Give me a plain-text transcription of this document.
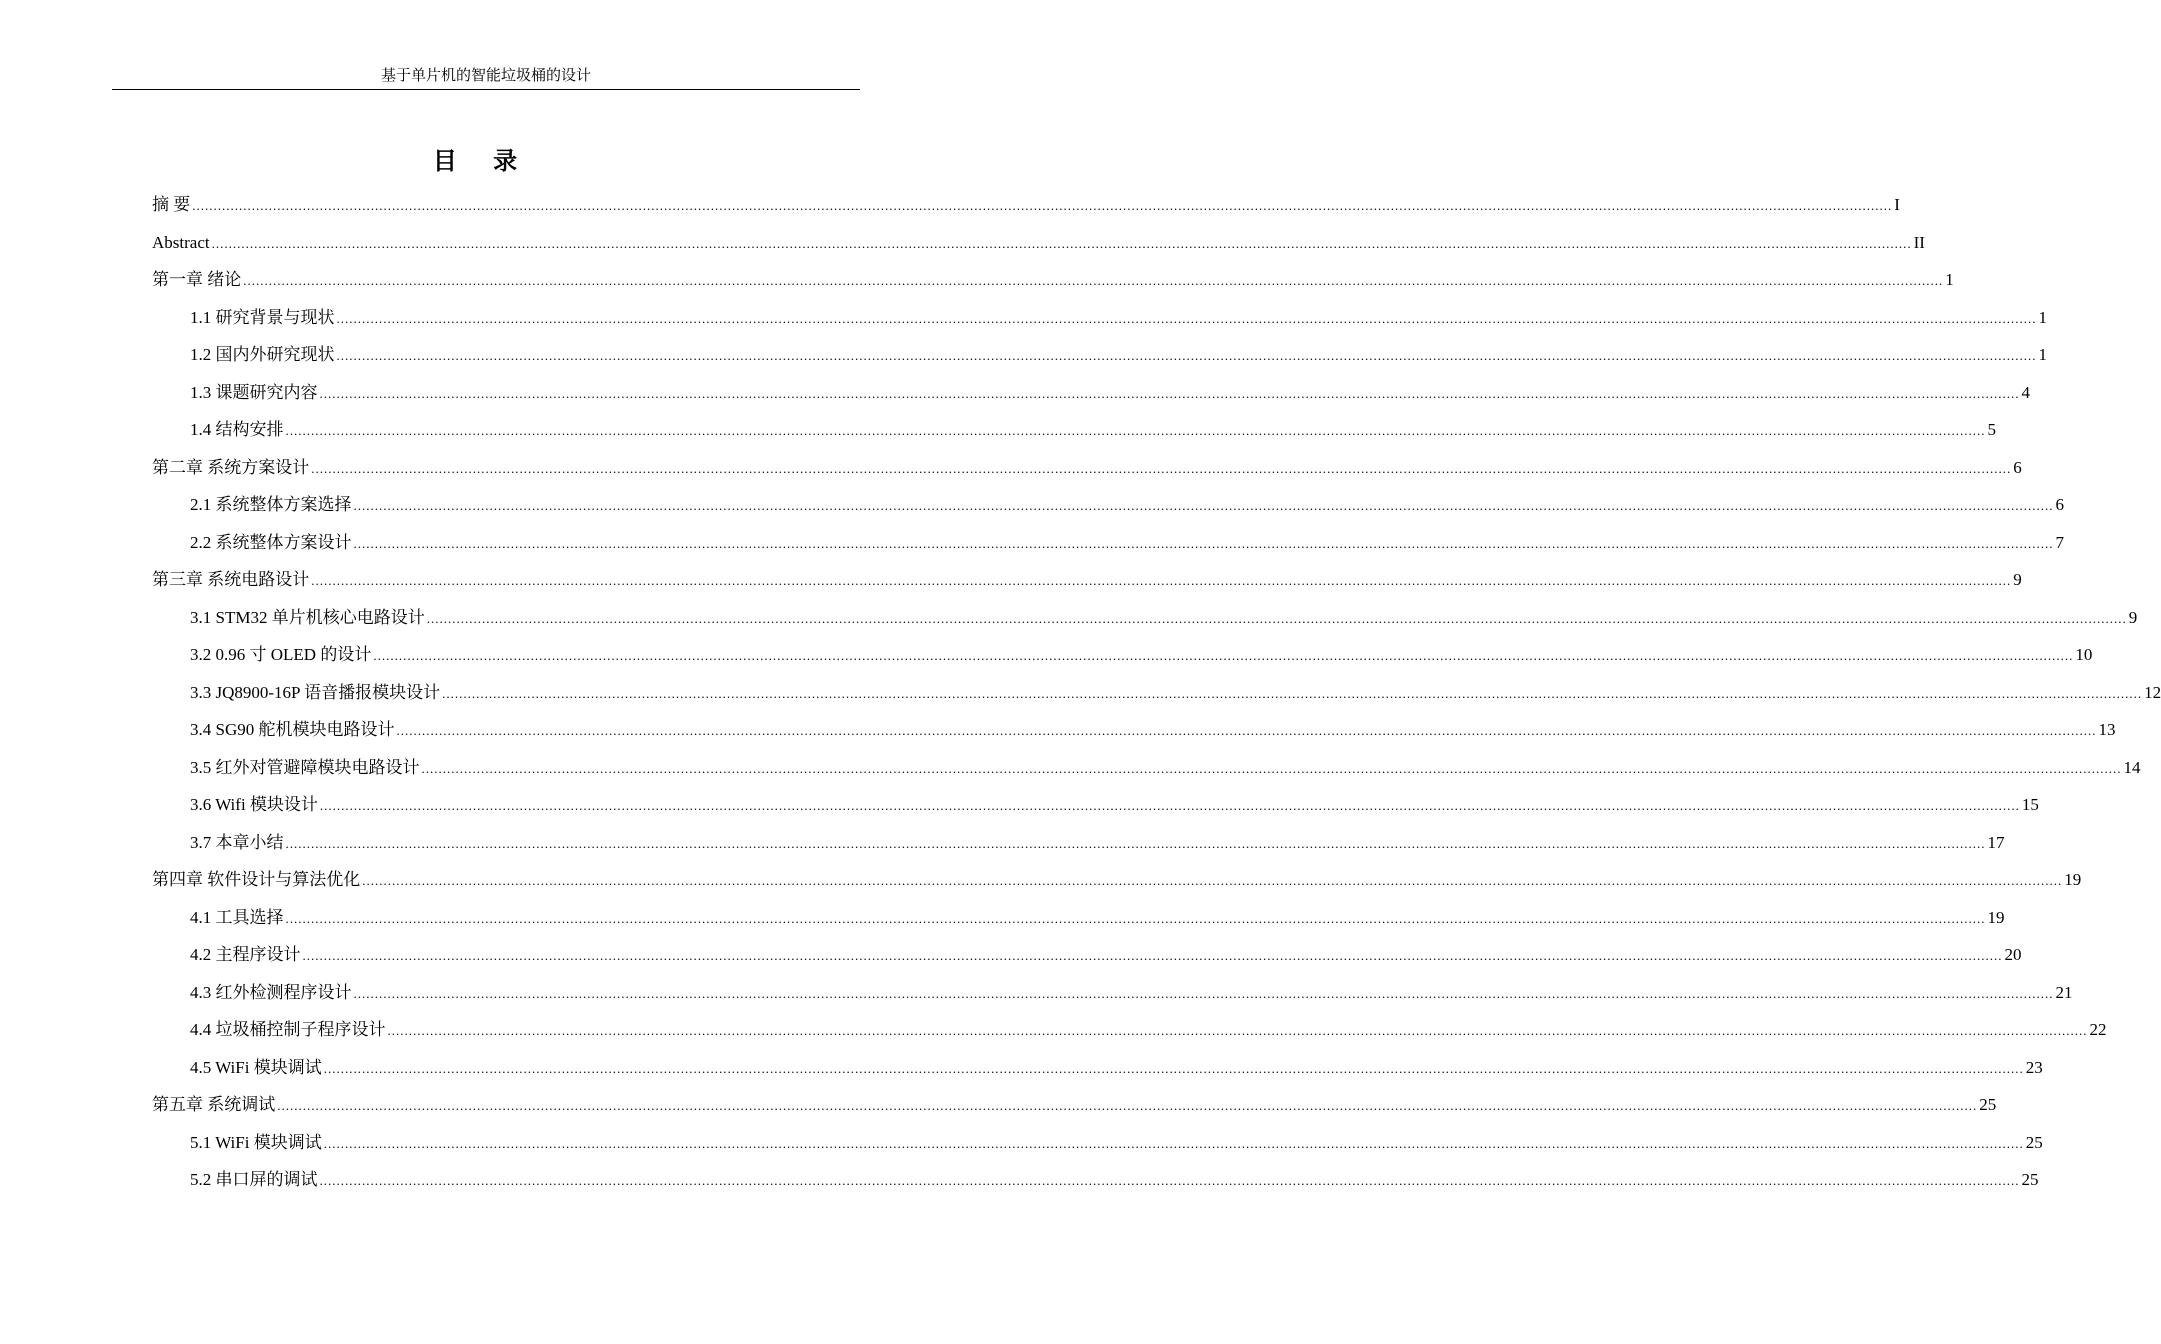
基于单片机的智能垃圾桶的设计
目 录
摘 要 ................................................................................................................................................................................................................................................................................................................................................................................................................ I
Abstract ................................................................................................................................................................................................................................................................................................................................................................................................................ II
第一章 绪论 ................................................................................................................................................................................................................................................................................................................................................................................................................ 1
1.1 研究背景与现状 ................................................................................................................................................................................................................................................................................................................................................................................................................ 1
1.2 国内外研究现状 ................................................................................................................................................................................................................................................................................................................................................................................................................ 1
1.3 课题研究内容 ................................................................................................................................................................................................................................................................................................................................................................................................................ 4
1.4 结构安排 ................................................................................................................................................................................................................................................................................................................................................................................................................ 5
第二章 系统方案设计 ................................................................................................................................................................................................................................................................................................................................................................................................................ 6
2.1 系统整体方案选择 ................................................................................................................................................................................................................................................................................................................................................................................................................ 6
2.2 系统整体方案设计 ................................................................................................................................................................................................................................................................................................................................................................................................................ 7
第三章 系统电路设计 ................................................................................................................................................................................................................................................................................................................................................................................................................ 9
3.1 STM32 单片机核心电路设计 ................................................................................................................................................................................................................................................................................................................................................................................................................ 9
3.2 0.96 寸 OLED 的设计 ................................................................................................................................................................................................................................................................................................................................................................................................................ 10
3.3 JQ8900-16P 语音播报模块设计 ................................................................................................................................................................................................................................................................................................................................................................................................................ 12
3.4 SG90 舵机模块电路设计 ................................................................................................................................................................................................................................................................................................................................................................................................................ 13
3.5 红外对管避障模块电路设计 ................................................................................................................................................................................................................................................................................................................................................................................................................ 14
3.6 Wifi 模块设计 ................................................................................................................................................................................................................................................................................................................................................................................................................ 15
3.7 本章小结 ................................................................................................................................................................................................................................................................................................................................................................................................................ 17
第四章 软件设计与算法优化 ................................................................................................................................................................................................................................................................................................................................................................................................................ 19
4.1 工具选择 ................................................................................................................................................................................................................................................................................................................................................................................................................ 19
4.2 主程序设计 ................................................................................................................................................................................................................................................................................................................................................................................................................ 20
4.3 红外检测程序设计 ................................................................................................................................................................................................................................................................................................................................................................................................................ 21
4.4 垃圾桶控制子程序设计 ................................................................................................................................................................................................................................................................................................................................................................................................................ 22
4.5 WiFi 模块调试 ................................................................................................................................................................................................................................................................................................................................................................................................................ 23
第五章 系统调试 ................................................................................................................................................................................................................................................................................................................................................................................................................ 25
5.1 WiFi 模块调试 ................................................................................................................................................................................................................................................................................................................................................................................................................ 25
5.2 串口屏的调试 ................................................................................................................................................................................................................................................................................................................................................................................................................ 25
